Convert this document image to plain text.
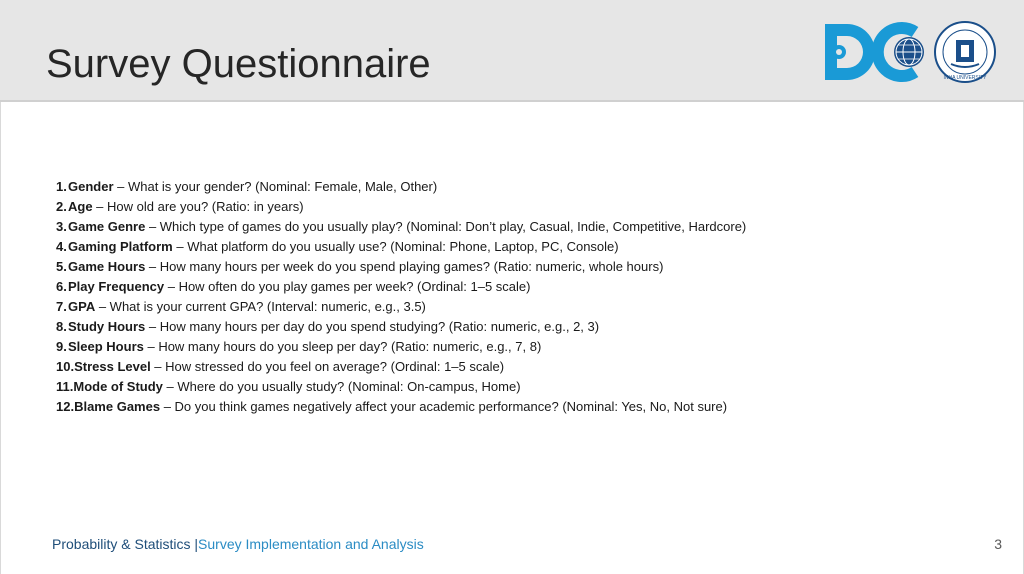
Survey Questionnaire	INHA UNIVERSITY
1.Gender – What is your gender? (Nominal: Female, Male, Other)
2.Age – How old are you? (Ratio: in years)
3.Game Genre – Which type of games do you usually play? (Nominal: Don’t play, Casual, Indie, Competitive, Hardcore)
4.Gaming Platform – What platform do you usually use? (Nominal: Phone, Laptop, PC, Console)
5.Game Hours – How many hours per week do you spend playing games? (Ratio: numeric, whole hours)
6.Play Frequency – How often do you play games per week? (Ordinal: 1–5 scale)
7.GPA – What is your current GPA? (Interval: numeric, e.g., 3.5)
8.Study Hours – How many hours per day do you spend studying? (Ratio: numeric, e.g., 2, 3)
9.Sleep Hours – How many hours do you sleep per day? (Ratio: numeric, e.g., 7, 8)
10.Stress Level – How stressed do you feel on average? (Ordinal: 1–5 scale)
11.Mode of Study – Where do you usually study? (Nominal: On-campus, Home)
12.Blame Games – Do you think games negatively affect your academic performance? (Nominal: Yes, No, Not sure)
Probability & Statistics |Survey Implementation and Analysis	3
